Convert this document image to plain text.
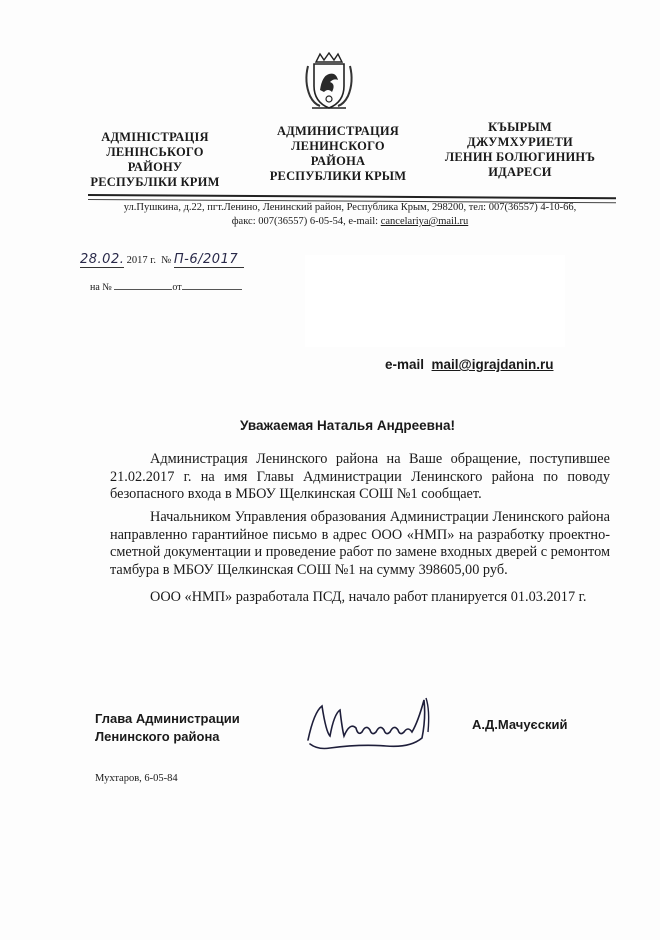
АДМІНІСТРАЦІЯ
ЛЕНІНСЬКОГО
РАЙОНУ
РЕСПУБЛІКИ КРИМ
АДМИНИСТРАЦИЯ
ЛЕНИНСКОГО
РАЙОНА
РЕСПУБЛИКИ КРЫМ
КЪЫРЫМ
ДЖУМХУРИЕТИ
ЛЕНИН БОЛЮГИНИНЪ
ИДАРЕСИ
ул.Пушкина, д.22, пгт.Ленино, Ленинский район, Республика Крым, 298200, тел: 007(36557) 4-10-66,
факс: 007(36557) 6-05-54, e-mail: cancelariya@mail.ru
28.02. 2017 г. № П-6/2017
на №	от
e-mail mail@igrajdanin.ru
Уважаемая Наталья Андреевна!
Администрация Ленинского района на Ваше обращение, поступившее 21.02.2017 г. на имя Главы Администрации Ленинского района по поводу безопасного входа в МБОУ Щелкинская СОШ №1 сообщает.
Начальником Управления образования Администрации Ленинского района направленно гарантийное письмо в адрес ООО «НМП» на разработку проектно-сметной документации и проведение работ по замене входных дверей с ремонтом тамбура в МБОУ Щелкинская СОШ №1 на сумму 398605,00 руб.
ООО «НМП» разработала ПСД, начало работ планируется 01.03.2017 г.
Глава Администрации
Ленинского района
А.Д.Мачуєский
Мухтаров, 6-05-84
